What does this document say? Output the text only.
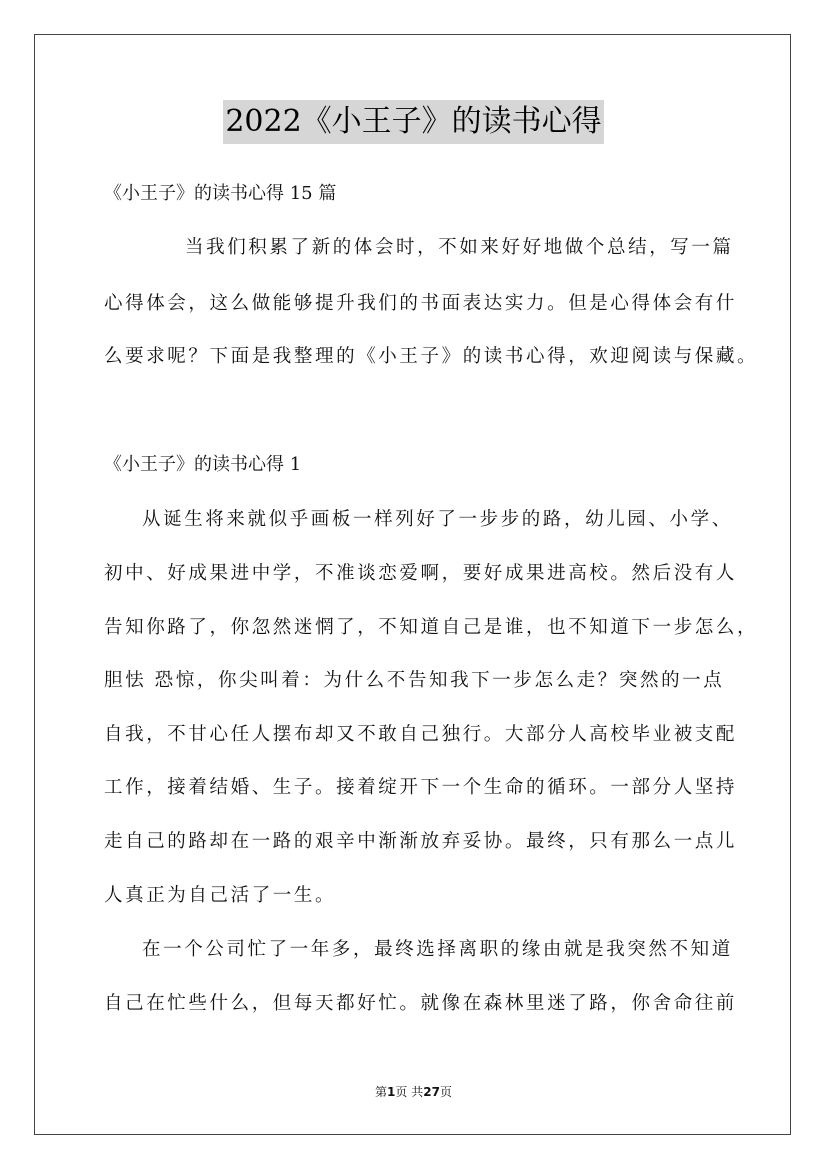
2022《小王子》的读书心得
《小王子》的读书心得 15 篇
当我们积累了新的体会时，不如来好好地做个总结，写一篇
心得体会，这么做能够提升我们的书面表达实力。但是心得体会有什
么要求呢？下面是我整理的《小王子》的读书心得，欢迎阅读与保藏。
《小王子》的读书心得 1
从诞生将来就似乎画板一样列好了一步步的路，幼儿园、小学、
初中、好成果进中学，不准谈恋爱啊，要好成果进高校。然后没有人
告知你路了，你忽然迷惘了，不知道自己是谁，也不知道下一步怎么，
胆怯 恐惊，你尖叫着：为什么不告知我下一步怎么走？突然的一点
自我，不甘心任人摆布却又不敢自己独行。大部分人高校毕业被支配
工作，接着结婚、生子。接着绽开下一个生命的循环。一部分人坚持
走自己的路却在一路的艰辛中渐渐放弃妥协。最终，只有那么一点儿
人真正为自己活了一生。
在一个公司忙了一年多，最终选择离职的缘由就是我突然不知道
自己在忙些什么，但每天都好忙。就像在森林里迷了路，你舍命往前
第1页 共27页
